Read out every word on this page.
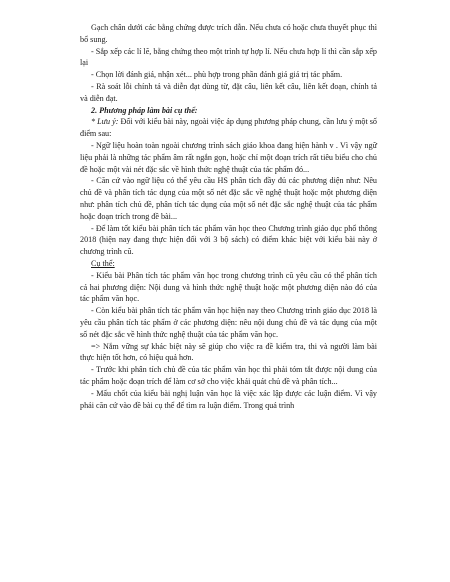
Gạch chân dưới các bằng chứng được trích dẫn. Nếu chưa có hoặc chưa thuyết phục thì bổ sung.

- Sắp xếp các lí lẽ, bằng chứng theo một trình tự hợp lí. Nếu chưa hợp lí thì cần sắp xếp lại

- Chọn lời đánh giá, nhận xét... phù hợp trong phần đánh giá giá trị tác phẩm.

- Rà soát lỗi chính tả và diễn đạt dùng từ, đặt câu, liên kết câu, liên kết đoạn, chính tả và diễn đạt.

2. Phương pháp làm bài cụ thể:

* Lưu ý: Đối với kiểu bài này, ngoài việc áp dụng phương pháp chung, cần lưu ý một số điểm sau:

- Ngữ liệu hoàn toàn ngoài chương trình sách giáo khoa đang hiện hành v . Vì vậy ngữ liệu phải là những tác phẩm âm rất ngắn gọn, hoặc chỉ một đoạn trích rất tiêu biểu cho chủ đề hoặc một vài nét đặc sắc về hình thức nghệ thuật của tác phẩm đó...

- Căn cứ vào ngữ liệu có thể yêu cầu HS phân tích đầy đủ các phương diện như: Nêu chủ đề và phân tích tác dụng của một số nét đặc sắc về nghệ thuật hoặc một phương diện như: phân tích chủ đề, phân tích tác dụng của một số nét đặc sắc nghệ thuật của tác phẩm hoặc đoạn trích trong đề bài...

- Để làm tốt kiểu bài phân tích tác phẩm văn học theo Chương trình giáo dục phổ thông 2018 (hiện nay đang thực hiện đối với 3 bộ sách) có điểm khác biệt với kiểu bài này ở chương trình cũ.

Cụ thể:

- Kiểu bài Phân tích tác phẩm văn học trong chương trình cũ yêu cầu có thể phân tích cả hai phương diện: Nội dung và hình thức nghệ thuật hoặc một phương diện nào đó của tác phẩm văn học.

- Còn kiểu bài phân tích tác phẩm văn học hiện nay theo Chương trình giáo dục 2018 là yêu cầu phân tích tác phẩm ở các phương diện: nêu nội dung chủ đề và tác dụng của một số nét đặc sắc về hình thức nghệ thuật của tác phẩm văn học.

=> Nắm vững sự khác biệt này sẽ giúp cho việc ra đề kiểm tra, thi và người làm bài thực hiện tốt hơn, có hiệu quả hơn.

- Trước khi phân tích chủ đề của tác phẩm văn học thì phải tóm tắt được nội dung của tác phẩm hoặc đoạn trích để làm cơ sở cho việc khái quát chủ đề và phân tích...

- Mấu chốt của kiểu bài nghị luận văn học là việc xác lập được các luận điểm. Vì vậy phải căn cứ vào đề bài cụ thể để tìm ra luận điểm. Trong quá trình
